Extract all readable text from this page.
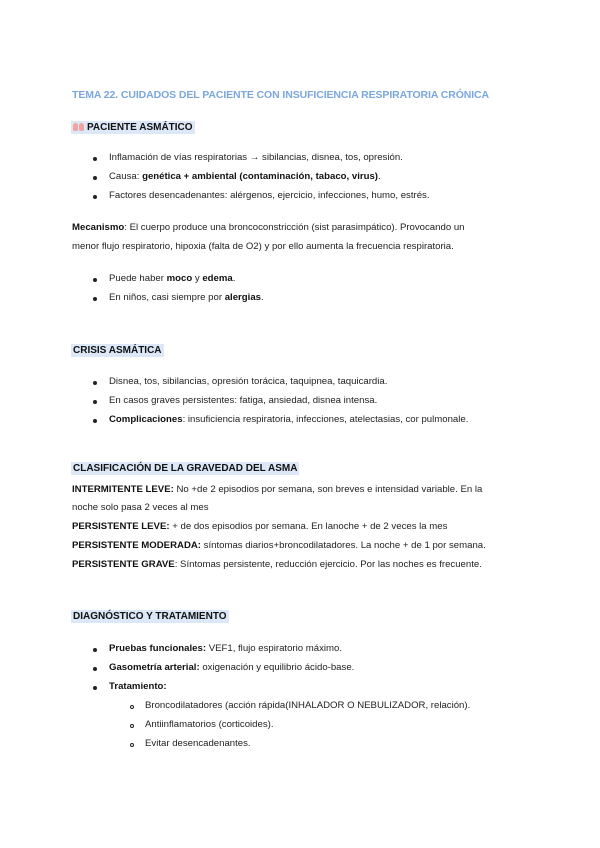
TEMA 22. CUIDADOS DEL PACIENTE CON INSUFICIENCIA RESPIRATORIA CRÓNICA
PACIENTE ASMÁTICO
Inflamación de vías respiratorias → sibilancias, disnea, tos, opresión.
Causa: genética + ambiental (contaminación, tabaco, virus).
Factores desencadenantes: alérgenos, ejercicio, infecciones, humo, estrés.
Mecanismo: El cuerpo produce una broncoconstricción (sist parasimpático). Provocando un
menor flujo respiratorio, hipoxia (falta de O2) y por ello aumenta la frecuencia respiratoria.
Puede haber moco y edema.
En niños, casi siempre por alergias.
CRISIS ASMÁTICA
Disnea, tos, sibilancias, opresión torácica, taquipnea, taquicardia.
En casos graves persistentes: fatiga, ansiedad, disnea intensa.
Complicaciones: insuficiencia respiratoria, infecciones, atelectasias, cor pulmonale.
CLASIFICACIÓN DE LA GRAVEDAD DEL ASMA
INTERMITENTE LEVE: No +de 2 episodios por semana, son breves e intensidad variable. En la
noche solo pasa 2 veces al mes
PERSISTENTE LEVE: + de dos episodios por semana. En lanoche + de 2 veces la mes
PERSISTENTE MODERADA: síntomas diarios+broncodilatadores. La noche + de 1 por semana.
PERSISTENTE GRAVE: Síntomas persistente, reducción ejercicio. Por las noches es frecuente.
DIAGNÓSTICO Y TRATAMIENTO
Pruebas funcionales: VEF1, flujo espiratorio máximo.
Gasometría arterial: oxigenación y equilibrio ácido-base.
Tratamiento:
Broncodilatadores (acción rápida(INHALADOR O NEBULIZADOR, relación).
Antiinflamatorios (corticoides).
Evitar desencadenantes.
